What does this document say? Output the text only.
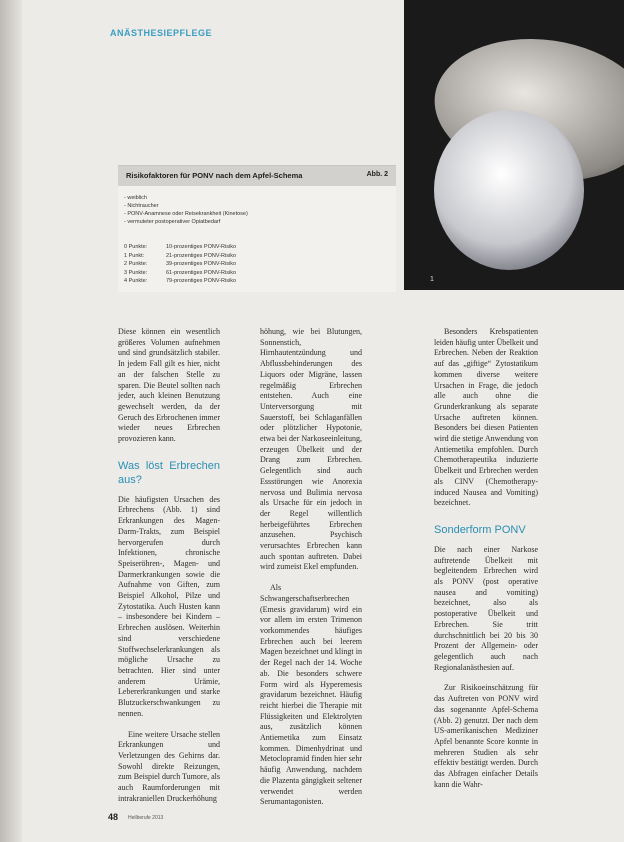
ANÄSTHESIEPFLEGE
1
Risikofaktoren für PONV nach dem Apfel-Schema	Abb. 2
- weiblich
- Nichtraucher
- PONV-Anamnese oder Reisekrankheit (Kinetose)
- vermuteter postoperativer Opiatbedarf
0 Punkte:	10-prozentiges PONV-Risiko
1 Punkt:	21-prozentiges PONV-Risiko
2 Punkte:	39-prozentiges PONV-Risiko
3 Punkte:	61-prozentiges PONV-Risiko
4 Punkte:	79-prozentiges PONV-Risiko

Diese können ein wesentlich größeres Volumen aufnehmen und sind grundsätzlich stabiler. In jedem Fall gilt es hier, nicht an der falschen Stelle zu sparen. Die Beutel sollten nach jeder, auch kleinen Benutzung gewechselt werden, da der Geruch des Erbrochenen immer wieder neues Erbrechen provozieren kann.

Was löst Erbrechen aus?

Die häufigsten Ursachen des Erbrechens (Abb. 1) sind Erkrankungen des Magen-Darm-Trakts, zum Beispiel hervorgerufen durch Infektionen, chronische Speiseröhren-, Magen- und Darmerkrankungen sowie die Aufnahme von Giften, zum Beispiel Alkohol, Pilze und Zytostatika. Auch Husten kann – insbesondere bei Kindern – Erbrechen auslösen. Weiterhin sind verschiedene Stoffwechselerkrankungen als mögliche Ursache zu betrachten. Hier sind unter anderem Urämie, Lebererkrankungen und starke Blutzuckerschwankungen zu nennen.

Eine weitere Ursache stellen Erkrankungen und Verletzungen des Gehirns dar. Sowohl direkte Reizungen, zum Beispiel durch Tumore, als auch Raumforderungen mit intrakraniellen Druckerhöhung

höhung, wie bei Blutungen, Sonnenstich, Hirnhautentzündung und Abflussbehinderungen des Liquors oder Migräne, lassen regelmäßig Erbrechen entstehen. Auch eine Unterversorgung mit Sauerstoff, bei Schlaganfällen oder plötzlicher Hypotonie, etwa bei der Narkoseeinleitung, erzeugen Übelkeit und der Drang zum Erbrechen. Gelegentlich sind auch Essstörungen wie Anorexia nervosa und Bulimia nervosa als Ursache für ein jedoch in der Regel willentlich herbeigeführtes Erbrechen anzusehen. Psychisch verursachtes Erbrechen kann auch spontan auftreten. Dabei wird zumeist Ekel empfunden.

Als Schwangerschaftserbrechen (Emesis gravidarum) wird ein vor allem im ersten Trimenon vorkommendes häufiges Erbrechen auch bei leerem Magen bezeichnet und klingt in der Regel nach der 14. Woche ab. Die besonders schwere Form wird als Hyperemesis gravidarum bezeichnet. Häufig reicht hierbei die Therapie mit Flüssigkeiten und Elektrolyten aus, zusätzlich können Antiemetika zum Einsatz kommen. Dimenhydrinat und Metoclopramid finden hier sehr häufig Anwendung, nachdem die Plazenta gängigkeit seltener verwendet werden Serumantagonisten.

Besonders Krebspatienten leiden häufig unter Übelkeit und Erbrechen. Neben der Reaktion auf das „giftige“ Zytostatikum kommen diverse weitere Ursachen in Frage, die jedoch alle auch ohne die Grunderkrankung als separate Ursache auftreten können. Besonders bei diesen Patienten wird die stetige Anwendung von Antiemetika empfohlen. Durch Chemotherapeutika induzierte Übelkeit und Erbrechen werden als CINV (Chemotherapy-induced Nausea and Vomiting) bezeichnet.

Sonderform PONV

Die nach einer Narkose auftretende Übelkeit mit begleitendem Erbrechen wird als PONV (post operative nausea and vomiting) bezeichnet, also als postoperative Übelkeit und Erbrechen. Sie tritt durchschnittlich bei 20 bis 30 Prozent der Allgemein- oder gelegentlich auch nach Regionalanästhesien auf.

Zur Risikoeinschätzung für das Auftreten von PONV wird das sogenannte Apfel-Schema (Abb. 2) genutzt. Der nach dem US-amerikanischen Mediziner Apfel benannte Score konnte in mehreren Studien als sehr effektiv bestätigt werden. Durch das Abfragen einfacher Details kann die Wahr-

48 Heilberufe 2013
